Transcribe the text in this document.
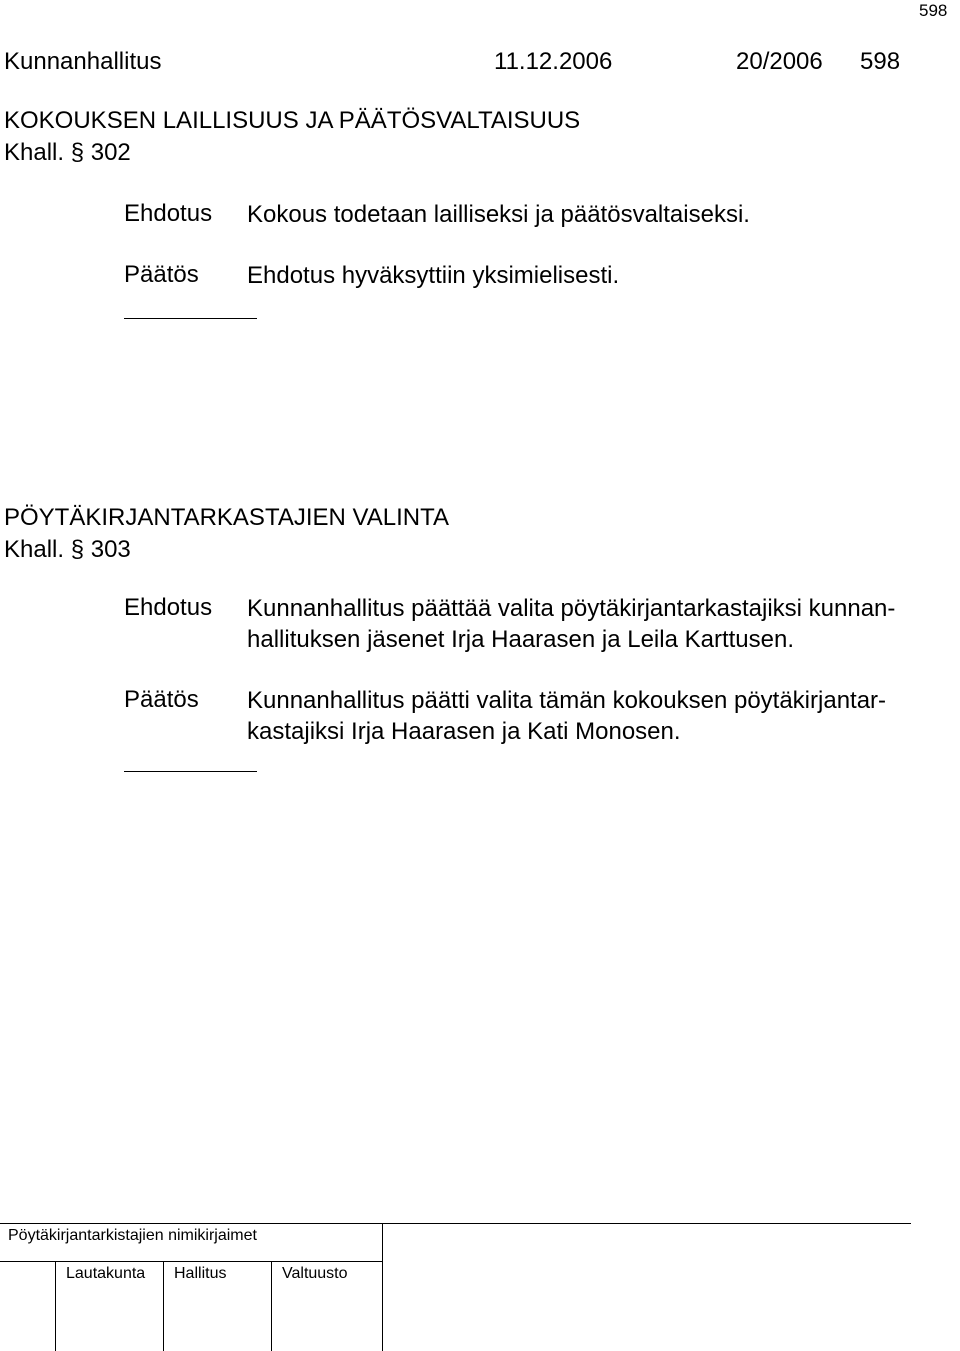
598
Kunnanhallitus	11.12.2006	20/2006 598
KOKOUKSEN LAILLISUUS JA PÄÄTÖSVALTAISUUS
Khall. § 302
Ehdotus Kokous todetaan lailliseksi ja päätösvaltaiseksi.
Päätös Ehdotus hyväksyttiin yksimielisesti.
PÖYTÄKIRJANTARKASTAJIEN VALINTA
Khall. § 303
Ehdotus Kunnanhallitus päättää valita pöytäkirjantarkastajiksi kunnan-
hallituksen jäsenet Irja Haarasen ja Leila Karttusen.
Päätös Kunnanhallitus päätti valita tämän kokouksen pöytäkirjantar-
kastajiksi Irja Haarasen ja Kati Monosen.
Pöytäkirjantarkistajien nimikirjaimet
Lautakunta Hallitus	Valtuusto
